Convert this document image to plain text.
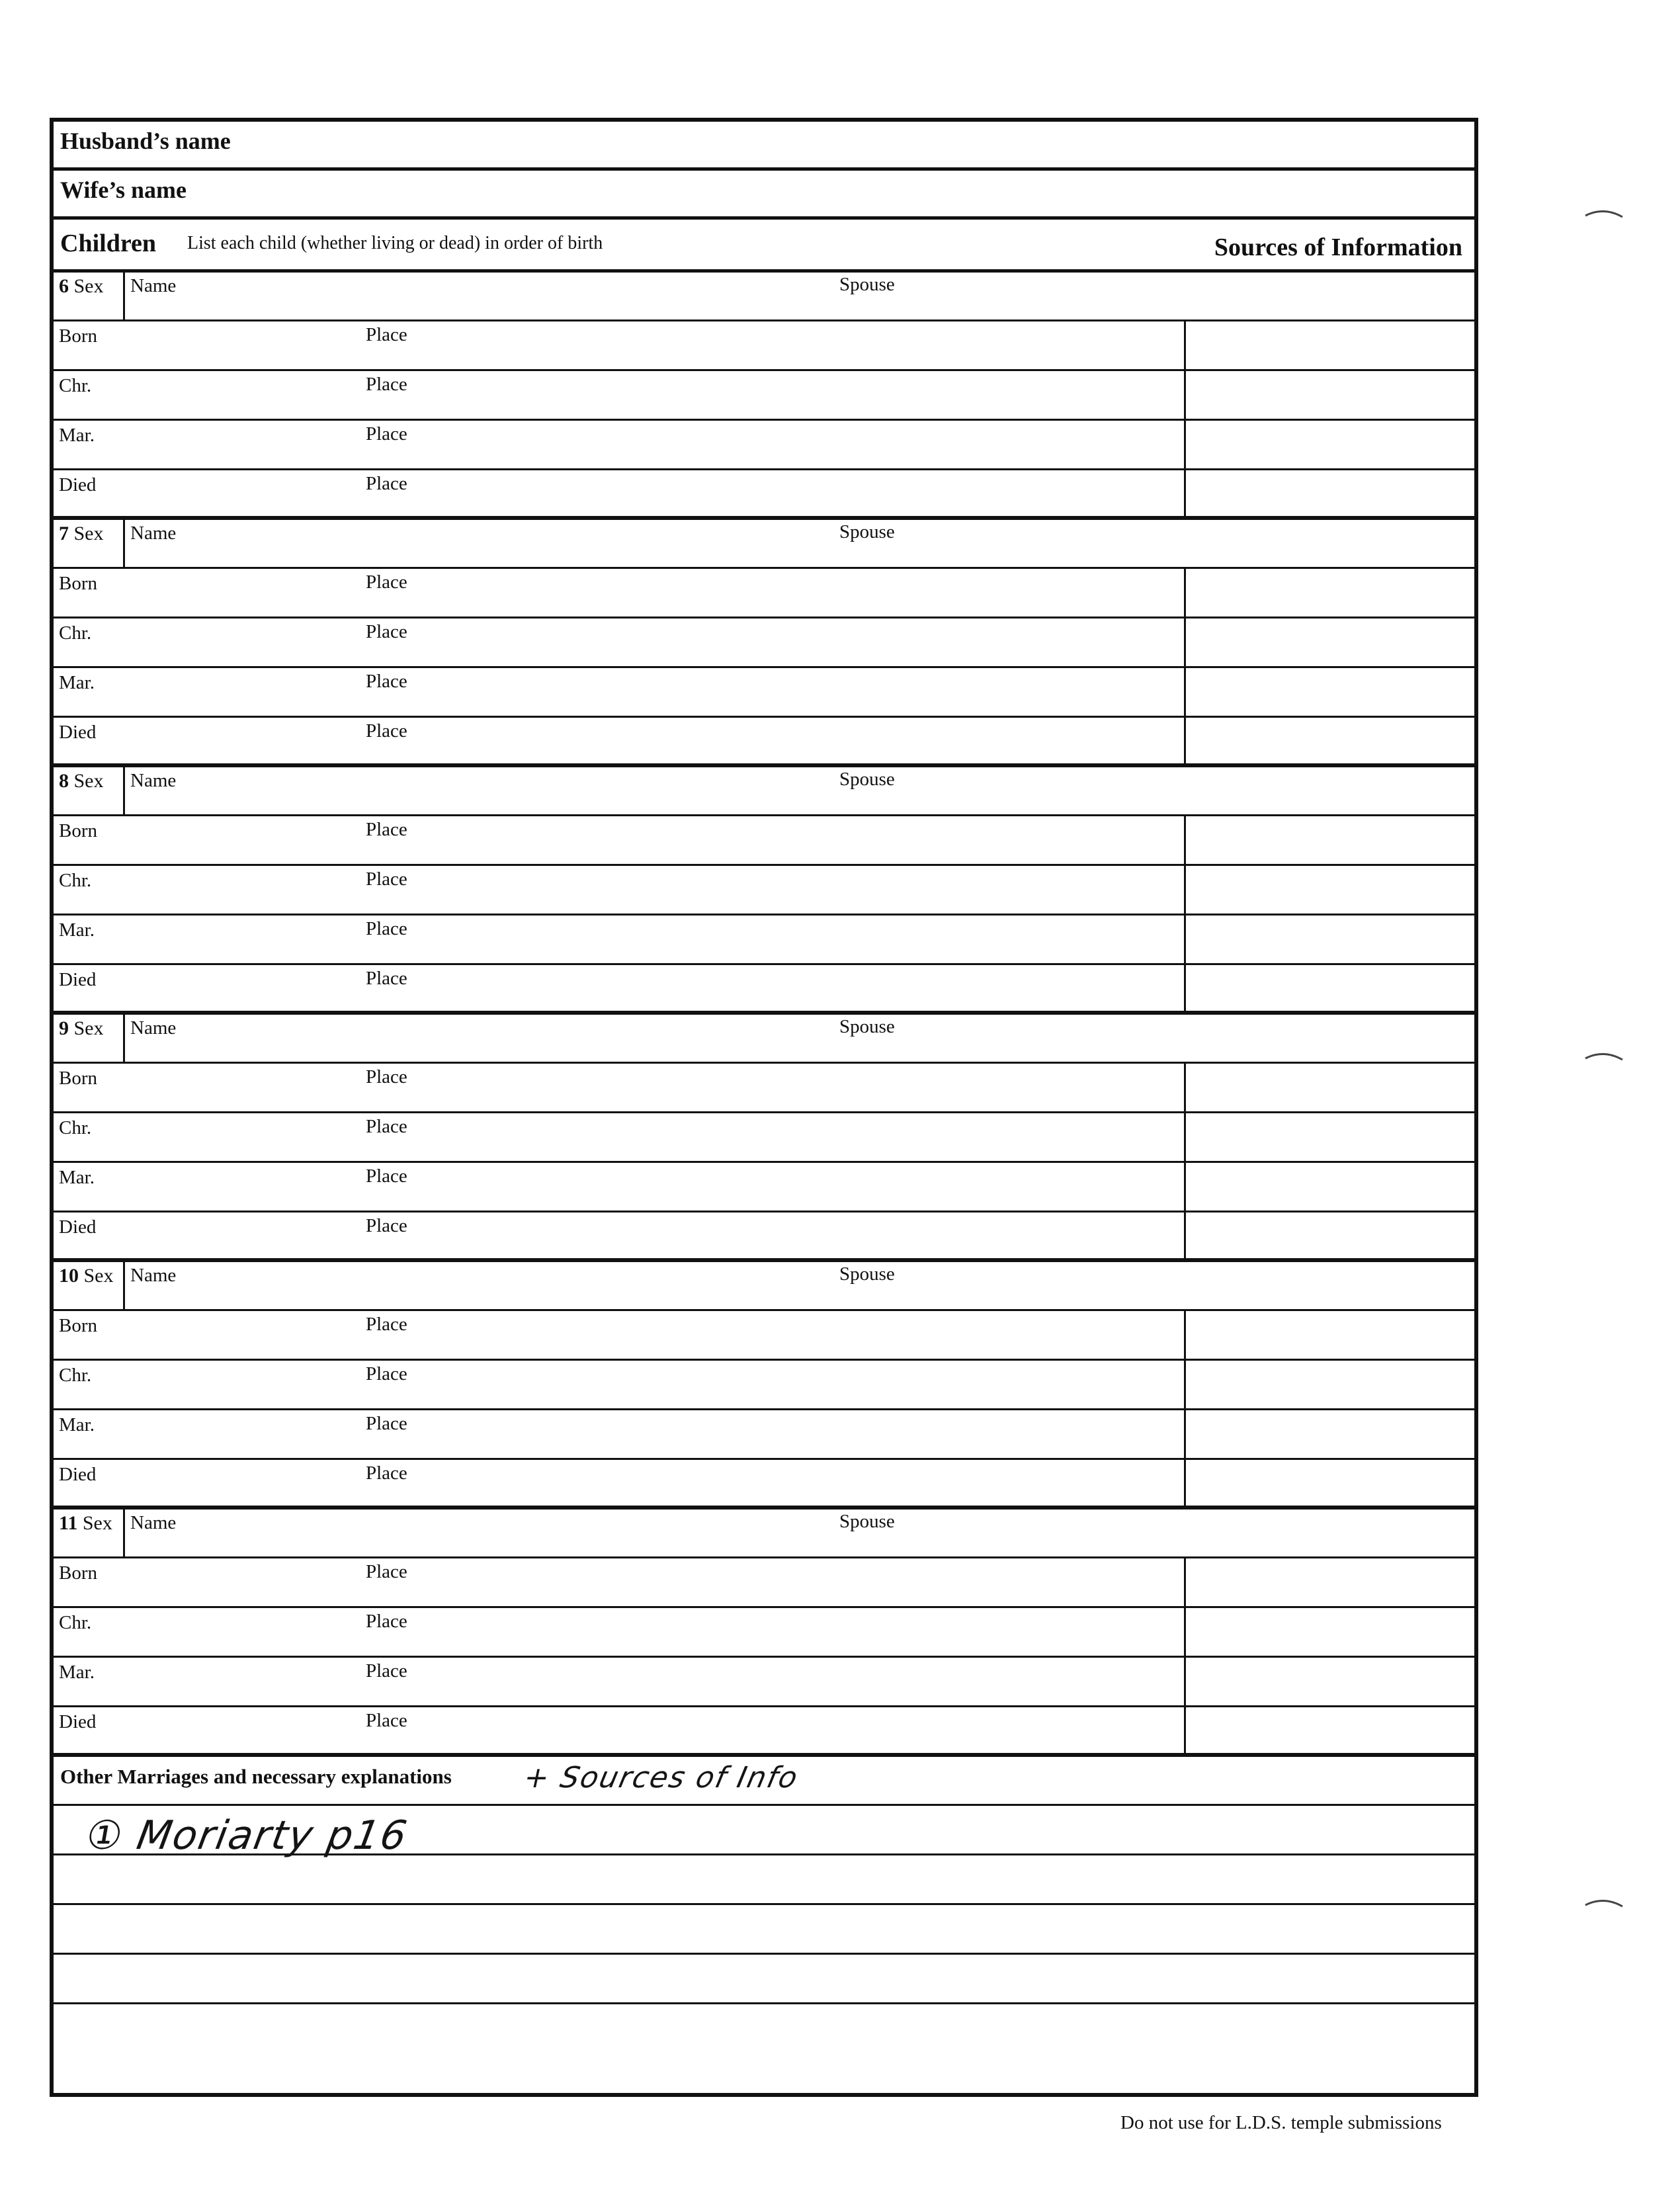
Husband’s name
Wife’s name
Children List each child (whether living or dead) in order of birth	Sources of Information
6 Sex Name	Spouse
Born	Place
Chr.	Place
Mar.	Place
Died	Place
7 Sex Name	Spouse
Born	Place
Chr.	Place
Mar.	Place
Died	Place
8 Sex Name	Spouse
Born	Place
Chr.	Place
Mar.	Place
Died	Place
9 Sex Name	Spouse
Born	Place
Chr.	Place
Mar.	Place
Died	Place
10 Sex Name	Spouse
Born	Place
Chr.	Place
Mar.	Place
Died	Place
11 Sex Name	Spouse
Born	Place
Chr.	Place
Mar.	Place
Died	Place
Other Marriages and necessary explanations + Sources of Info
① Moriarty p16
Do not use for L.D.S. temple submissions
